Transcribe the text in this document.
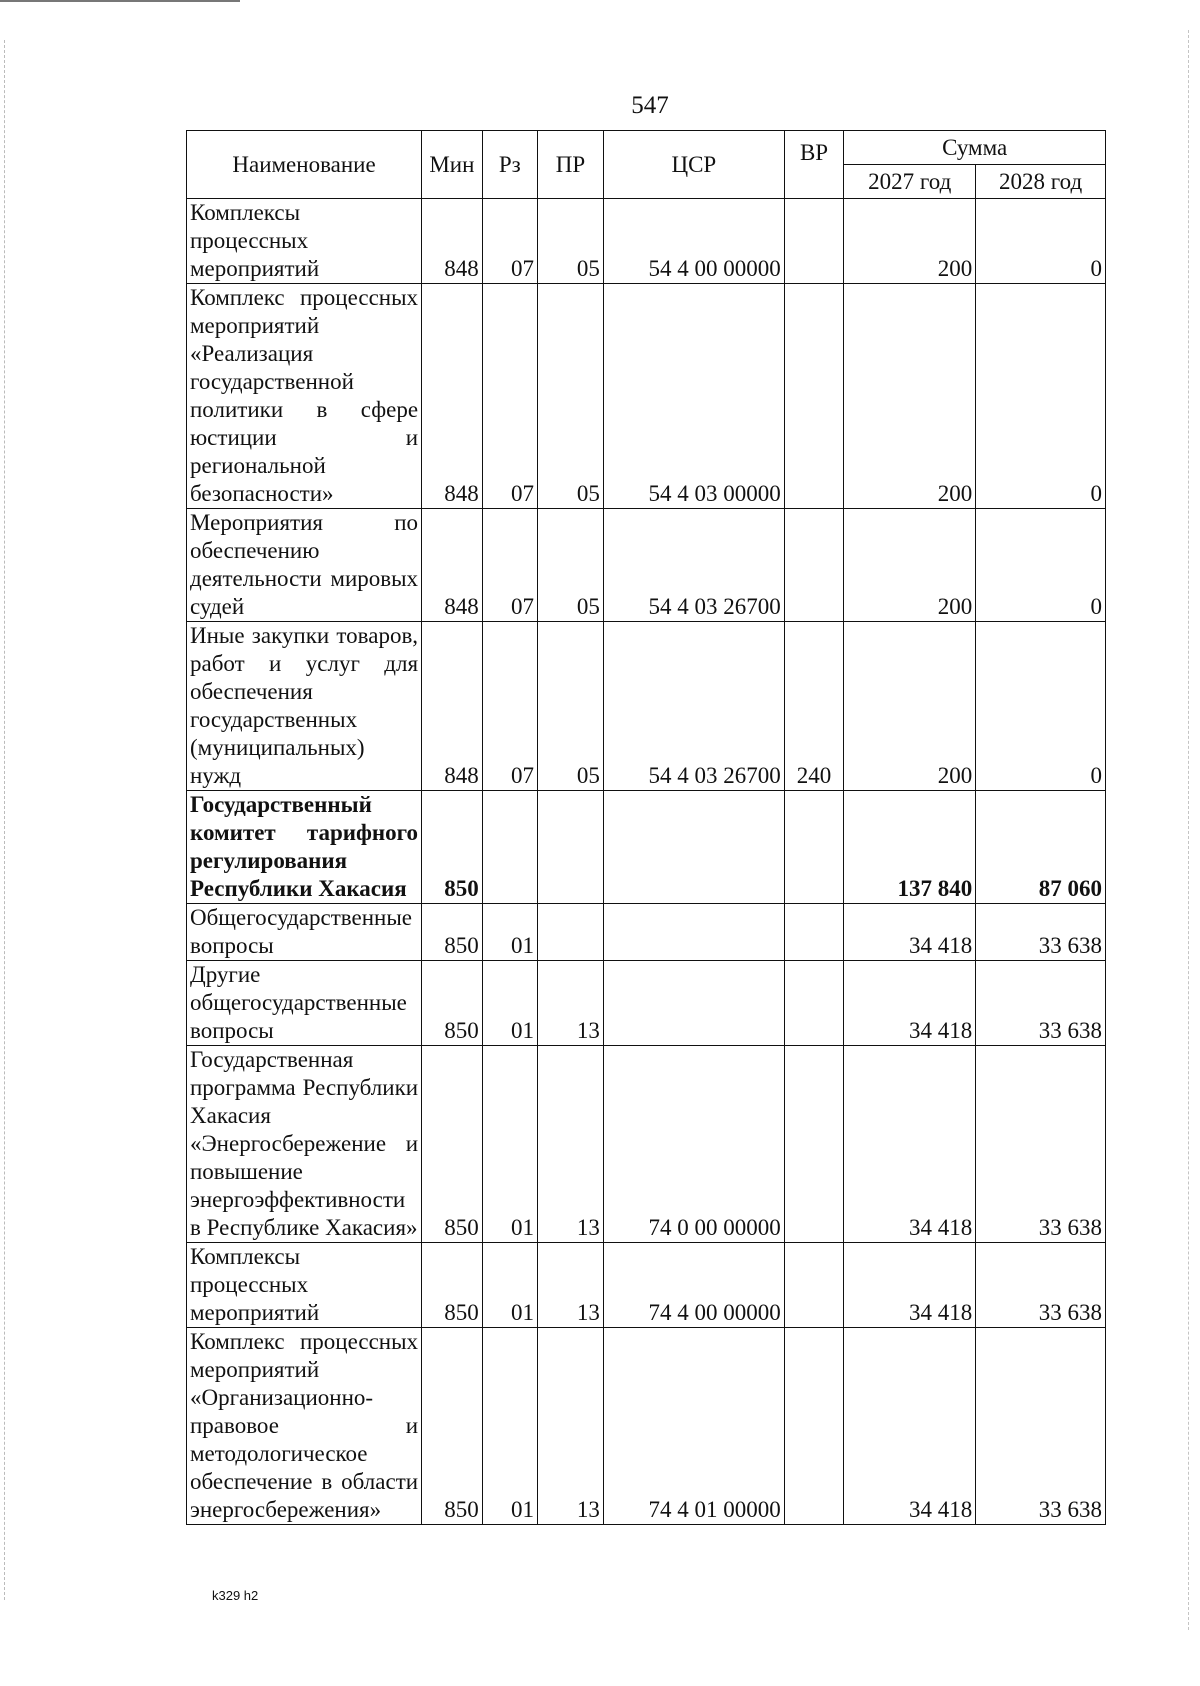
547
Наименование	Мин	Рз	ПР	ЦСР	ВР	Сумма	
						2027 год	2028 год
Комплексы процессных мероприятий	848	07	05	54 4 00 00000		200	0
Комплекс процессных мероприятий «Реализация государственной политики в сфере юстиции и региональной безопасности»	848	07	05	54 4 03 00000		200	0
Мероприятия по обеспечению деятельности мировых судей	848	07	05	54 4 03 26700		200	0
Иные закупки товаров, работ и услуг для обеспечения государственных (муниципальных) нужд	848	07	05	54 4 03 26700	240	200	0
Государственный комитет тарифного регулирования Республики Хакасия	850					137 840	87 060
Общегосударственные вопросы	850	01				34 418	33 638
Другие общегосударственные вопросы	850	01	13			34 418	33 638
Государственная программа Республики Хакасия «Энергосбережение и повышение энергоэффективности в Республике Хакасия»	850	01	13	74 0 00 00000		34 418	33 638
Комплексы процессных мероприятий	850	01	13	74 4 00 00000		34 418	33 638
Комплекс процессных мероприятий «Организационно-правовое и методологическое обеспечение в области энергосбережения»	850	01	13	74 4 01 00000		34 418	33 638
k329 h2
